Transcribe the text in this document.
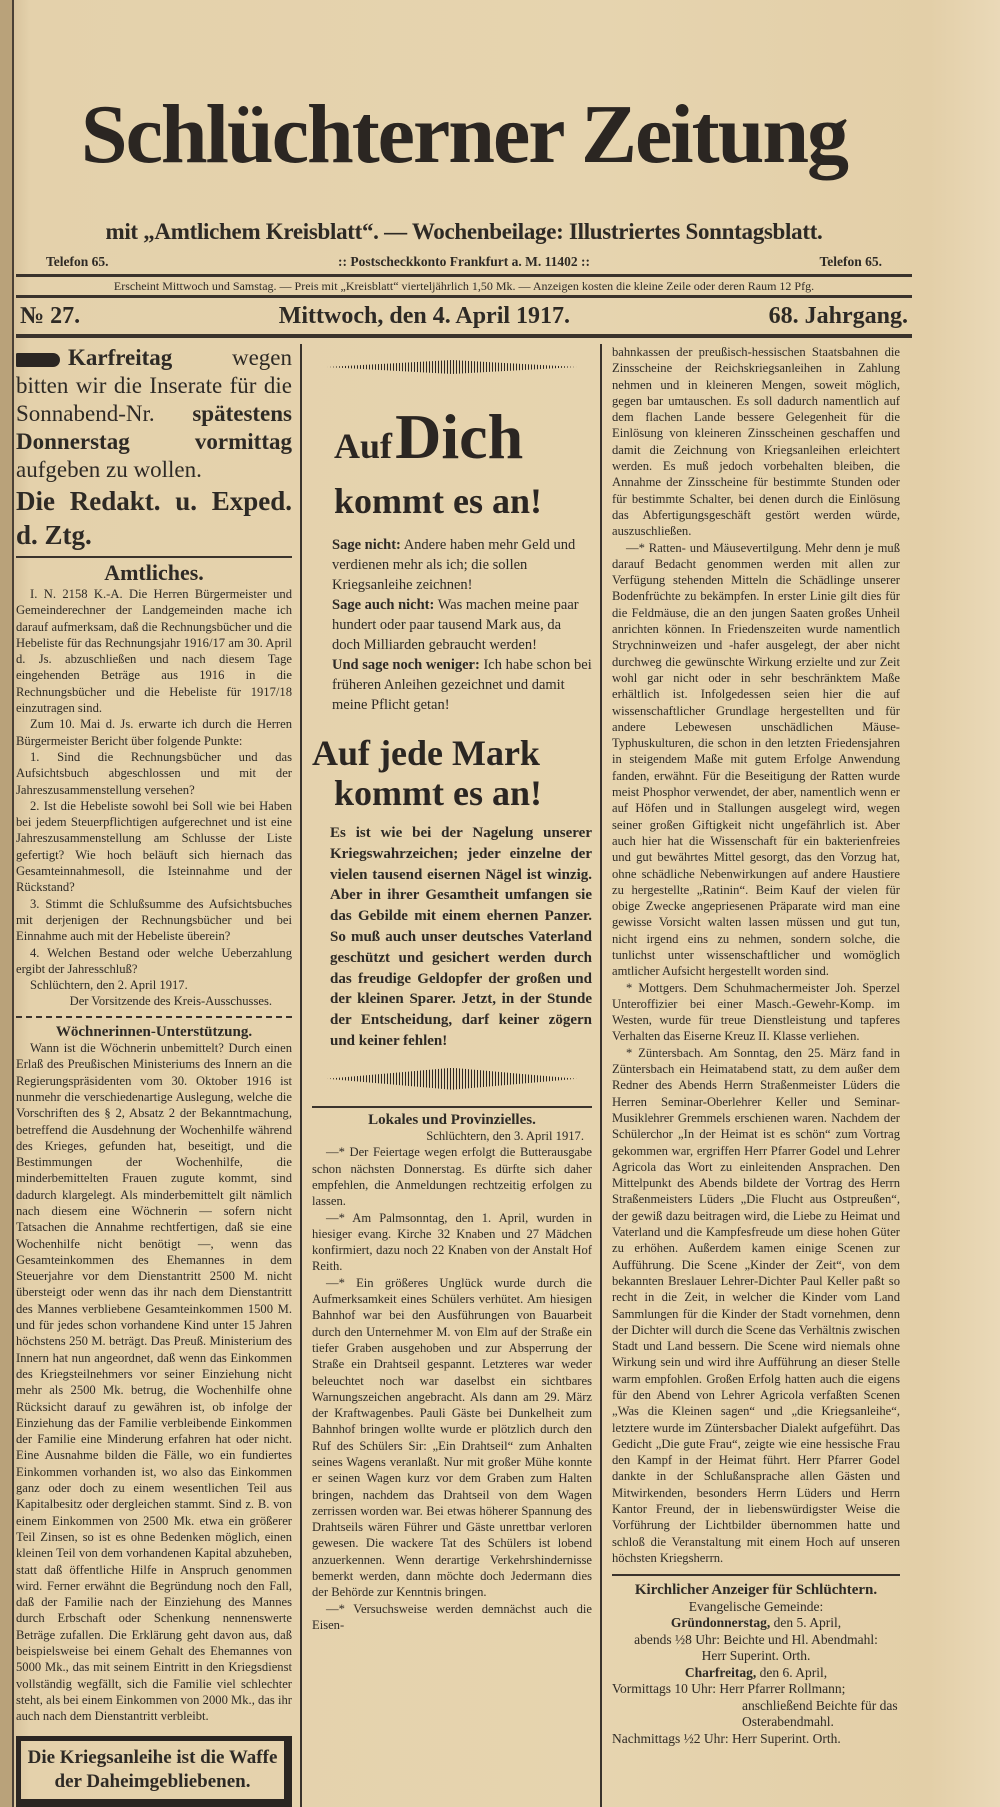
Schlüchterner Zeitung
mit „Amtlichem Kreisblatt“. — Wochenbeilage: Illustriertes Sonntagsblatt.
Telefon 65.	:: Postscheckkonto Frankfurt a. M. 11402 ::	Telefon 65.
Erscheint Mittwoch und Samstag. — Preis mit „Kreisblatt“ vierteljährlich 1,50 Mk. — Anzeigen kosten die kleine Zeile oder deren Raum 12 Pfg.
№ 27.	Mittwoch, den 4. April 1917.	68. Jahrgang.
Karfreitag wegen bitten wir die Inserate für die Sonnabend-Nr. spätestens Donnerstag vormittag aufgeben zu wollen.
Die Redakt. u. Exped. d. Ztg.
Amtliches.

I. N. 2158 K.-A. Die Herren Bürgermeister und Gemeinderechner der Landgemeinden mache ich darauf aufmerksam, daß die Rechnungsbücher und die Hebeliste für das Rechnungsjahr 1916/17 am 30. April d. Js. abzuschließen und nach diesem Tage eingehenden Beträge aus 1916 in die Rechnungsbücher und die Hebeliste für 1917/18 einzutragen sind.

Zum 10. Mai d. Js. erwarte ich durch die Herren Bürgermeister Bericht über folgende Punkte:

1. Sind die Rechnungsbücher und das Aufsichtsbuch abgeschlossen und mit der Jahreszusammenstellung versehen?

2. Ist die Hebeliste sowohl bei Soll wie bei Haben bei jedem Steuerpflichtigen aufgerechnet und ist eine Jahreszusammenstellung am Schlusse der Liste gefertigt? Wie hoch beläuft sich hiernach das Gesamteinnahmesoll, die Isteinnahme und der Rückstand?

3. Stimmt die Schlußsumme des Aufsichtsbuches mit derjenigen der Rechnungsbücher und bei Einnahme auch mit der Hebeliste überein?

4. Welchen Bestand oder welche Ueberzahlung ergibt der Jahresschluß?

Schlüchtern, den 2. April 1917.

Der Vorsitzende des Kreis-Ausschusses.
Wöchnerinnen-Unterstützung.

Wann ist die Wöchnerin unbemittelt? Durch einen Erlaß des Preußischen Ministeriums des Innern an die Regierungspräsidenten vom 30. Oktober 1916 ist nunmehr die verschiedenartige Auslegung, welche die Vorschriften des § 2, Absatz 2 der Bekanntmachung, betreffend die Ausdehnung der Wochenhilfe während des Krieges, gefunden hat, beseitigt, und die Bestimmungen der Wochenhilfe, die minderbemittelten Frauen zugute kommt, sind dadurch klargelegt. Als minderbemittelt gilt nämlich nach diesem eine Wöchnerin — sofern nicht Tatsachen die Annahme rechtfertigen, daß sie eine Wochenhilfe nicht benötigt —, wenn das Gesamteinkommen des Ehemannes in dem Steuerjahre vor dem Dienstantritt 2500 M. nicht übersteigt oder wenn das ihr nach dem Dienstantritt des Mannes verbliebene Gesamteinkommen 1500 M. und für jedes schon vorhandene Kind unter 15 Jahren höchstens 250 M. beträgt. Das Preuß. Ministerium des Innern hat nun angeordnet, daß wenn das Einkommen des Kriegsteilnehmers vor seiner Einziehung nicht mehr als 2500 Mk. betrug, die Wochenhilfe ohne Rücksicht darauf zu gewähren ist, ob infolge der Einziehung das der Familie verbleibende Einkommen der Familie eine Minderung erfahren hat oder nicht. Eine Ausnahme bilden die Fälle, wo ein fundiertes Einkommen vorhanden ist, wo also das Einkommen ganz oder doch zu einem wesentlichen Teil aus Kapitalbesitz oder dergleichen stammt. Sind z. B. von einem Einkommen von 2500 Mk. etwa ein größerer Teil Zinsen, so ist es ohne Bedenken möglich, einen kleinen Teil von dem vorhandenen Kapital abzuheben, statt daß öffentliche Hilfe in Anspruch genommen wird. Ferner erwähnt die Begründung noch den Fall, daß der Familie nach der Einziehung des Mannes durch Erbschaft oder Schenkung nennenswerte Beträge zufallen. Die Erklärung geht davon aus, daß beispielsweise bei einem Gehalt des Ehemannes von 5000 Mk., das mit seinem Eintritt in den Kriegsdienst vollständig wegfällt, sich die Familie viel schlechter steht, als bei einem Einkommen von 2000 Mk., das ihr auch nach dem Dienstantritt verbleibt.

Die Kriegsanleihe ist die Waffe
der Daheimgebliebenen.
Auf Dich
kommt es an!

Sage nicht: Andere haben mehr Geld und verdienen mehr als ich; die sollen Kriegsanleihe zeichnen!

Sage auch nicht: Was machen meine paar hundert oder paar tausend Mark aus, da doch Milliarden gebraucht werden!

Und sage noch weniger: Ich habe schon bei früheren Anleihen gezeichnet und damit meine Pflicht getan!

Auf jede Mark
kommt es an!
Es ist wie bei der Nagelung unserer Kriegswahrzeichen; jeder einzelne der vielen tausend eisernen Nägel ist winzig. Aber in ihrer Gesamtheit umfangen sie das Gebilde mit einem ehernen Panzer. So muß auch unser deutsches Vaterland geschützt und gesichert werden durch das freudige Geldopfer der großen und der kleinen Sparer. Jetzt, in der Stunde der Entscheidung, darf keiner zögern und keiner fehlen!
Lokales und Provinzielles.
Schlüchtern, den 3. April 1917.

—* Der Feiertage wegen erfolgt die Butterausgabe schon nächsten Donnerstag. Es dürfte sich daher empfehlen, die Anmeldungen rechtzeitig erfolgen zu lassen.

—* Am Palmsonntag, den 1. April, wurden in hiesiger evang. Kirche 32 Knaben und 27 Mädchen konfirmiert, dazu noch 22 Knaben von der Anstalt Hof Reith.

—* Ein größeres Unglück wurde durch die Aufmerksamkeit eines Schülers verhütet. Am hiesigen Bahnhof war bei den Ausführungen von Bauarbeit durch den Unternehmer M. von Elm auf der Straße ein tiefer Graben ausgehoben und zur Absperrung der Straße ein Drahtseil gespannt. Letzteres war weder beleuchtet noch war daselbst ein sichtbares Warnungszeichen angebracht. Als dann am 29. März der Kraftwagenbes. Pauli Gäste bei Dunkelheit zum Bahnhof bringen wollte wurde er plötzlich durch den Ruf des Schülers Sir: „Ein Drahtseil“ zum Anhalten seines Wagens veranlaßt. Nur mit großer Mühe konnte er seinen Wagen kurz vor dem Graben zum Halten bringen, nachdem das Drahtseil von dem Wagen zerrissen worden war. Bei etwas höherer Spannung des Drahtseils wären Führer und Gäste unrettbar verloren gewesen. Die wackere Tat des Schülers ist lobend anzuerkennen. Wenn derartige Verkehrshindernisse bemerkt werden, dann möchte doch Jedermann dies der Behörde zur Kenntnis bringen.

—* Versuchsweise werden demnächst auch die Eisen-

bahnkassen der preußisch-hessischen Staatsbahnen die Zinsscheine der Reichskriegsanleihen in Zahlung nehmen und in kleineren Mengen, soweit möglich, gegen bar umtauschen. Es soll dadurch namentlich auf dem flachen Lande bessere Gelegenheit für die Einlösung von kleineren Zinsscheinen geschaffen und damit die Zeichnung von Kriegsanleihen erleichtert werden. Es muß jedoch vorbehalten bleiben, die Annahme der Zinsscheine für bestimmte Stunden oder für bestimmte Schalter, bei denen durch die Einlösung das Abfertigungsgeschäft gestört werden würde, auszuschließen.

—* Ratten- und Mäusevertilgung. Mehr denn je muß darauf Bedacht genommen werden mit allen zur Verfügung stehenden Mitteln die Schädlinge unserer Bodenfrüchte zu bekämpfen. In erster Linie gilt dies für die Feldmäuse, die an den jungen Saaten großes Unheil anrichten können. In Friedenszeiten wurde namentlich Strychninweizen und -hafer ausgelegt, der aber nicht durchweg die gewünschte Wirkung erzielte und zur Zeit wohl gar nicht oder in sehr beschränktem Maße erhältlich ist. Infolgedessen seien hier die auf wissenschaftlicher Grundlage hergestellten und für andere Lebewesen unschädlichen Mäuse-Typhuskulturen, die schon in den letzten Friedensjahren in steigendem Maße mit gutem Erfolge Anwendung fanden, erwähnt. Für die Beseitigung der Ratten wurde meist Phosphor verwendet, der aber, namentlich wenn er auf Höfen und in Stallungen ausgelegt wird, wegen seiner großen Giftigkeit nicht ungefährlich ist. Aber auch hier hat die Wissenschaft für ein bakterienfreies und gut bewährtes Mittel gesorgt, das den Vorzug hat, ohne schädliche Nebenwirkungen auf andere Haustiere zu hergestellte „Ratinin“. Beim Kauf der vielen für obige Zwecke angepriesenen Präparate wird man eine gewisse Vorsicht walten lassen müssen und gut tun, nicht irgend eins zu nehmen, sondern solche, die tunlichst unter wissenschaftlicher und womöglich amtlicher Aufsicht hergestellt worden sind.

* Mottgers. Dem Schuhmachermeister Joh. Sperzel Unteroffizier bei einer Masch.-Gewehr-Komp. im Westen, wurde für treue Dienstleistung und tapferes Verhalten das Eiserne Kreuz II. Klasse verliehen.

* Züntersbach. Am Sonntag, den 25. März fand in Züntersbach ein Heimatabend statt, zu dem außer dem Redner des Abends Herrn Straßenmeister Lüders die Herren Seminar-Oberlehrer Keller und Seminar-Musiklehrer Gremmels erschienen waren. Nachdem der Schülerchor „In der Heimat ist es schön“ zum Vortrag gekommen war, ergriffen Herr Pfarrer Godel und Lehrer Agricola das Wort zu einleitenden Ansprachen. Den Mittelpunkt des Abends bildete der Vortrag des Herrn Straßenmeisters Lüders „Die Flucht aus Ostpreußen“, der gewiß dazu beitragen wird, die Liebe zu Heimat und Vaterland und die Kampfesfreude um diese hohen Güter zu erhöhen. Außerdem kamen einige Scenen zur Aufführung. Die Scene „Kinder der Zeit“, von dem bekannten Breslauer Lehrer-Dichter Paul Keller paßt so recht in die Zeit, in welcher die Kinder vom Land Sammlungen für die Kinder der Stadt vornehmen, denn der Dichter will durch die Scene das Verhältnis zwischen Stadt und Land bessern. Die Scene wird niemals ohne Wirkung sein und wird ihre Aufführung an dieser Stelle warm empfohlen. Großen Erfolg hatten auch die eigens für den Abend von Lehrer Agricola verfaßten Scenen „Was die Kleinen sagen“ und „die Kriegsanleihe“, letztere wurde im Züntersbacher Dialekt aufgeführt. Das Gedicht „Die gute Frau“, zeigte wie eine hessische Frau den Kampf in der Heimat führt. Herr Pfarrer Godel dankte in der Schlußansprache allen Gästen und Mitwirkenden, besonders Herrn Lüders und Herrn Kantor Freund, der in liebenswürdigster Weise die Vorführung der Lichtbilder übernommen hatte und schloß die Veranstaltung mit einem Hoch auf unseren höchsten Kriegsherrn.

Kirchlicher Anzeiger für Schlüchtern.
Evangelische Gemeinde:
Gründonnerstag, den 5. April,
abends ½8 Uhr: Beichte und Hl. Abendmahl:
Herr Superint. Orth.
Charfreitag, den 6. April,
Vormittags 10 Uhr: Herr Pfarrer Rollmann;
anschließend Beichte für das
Osterabendmahl.
Nachmittags ½2 Uhr: Herr Superint. Orth.
